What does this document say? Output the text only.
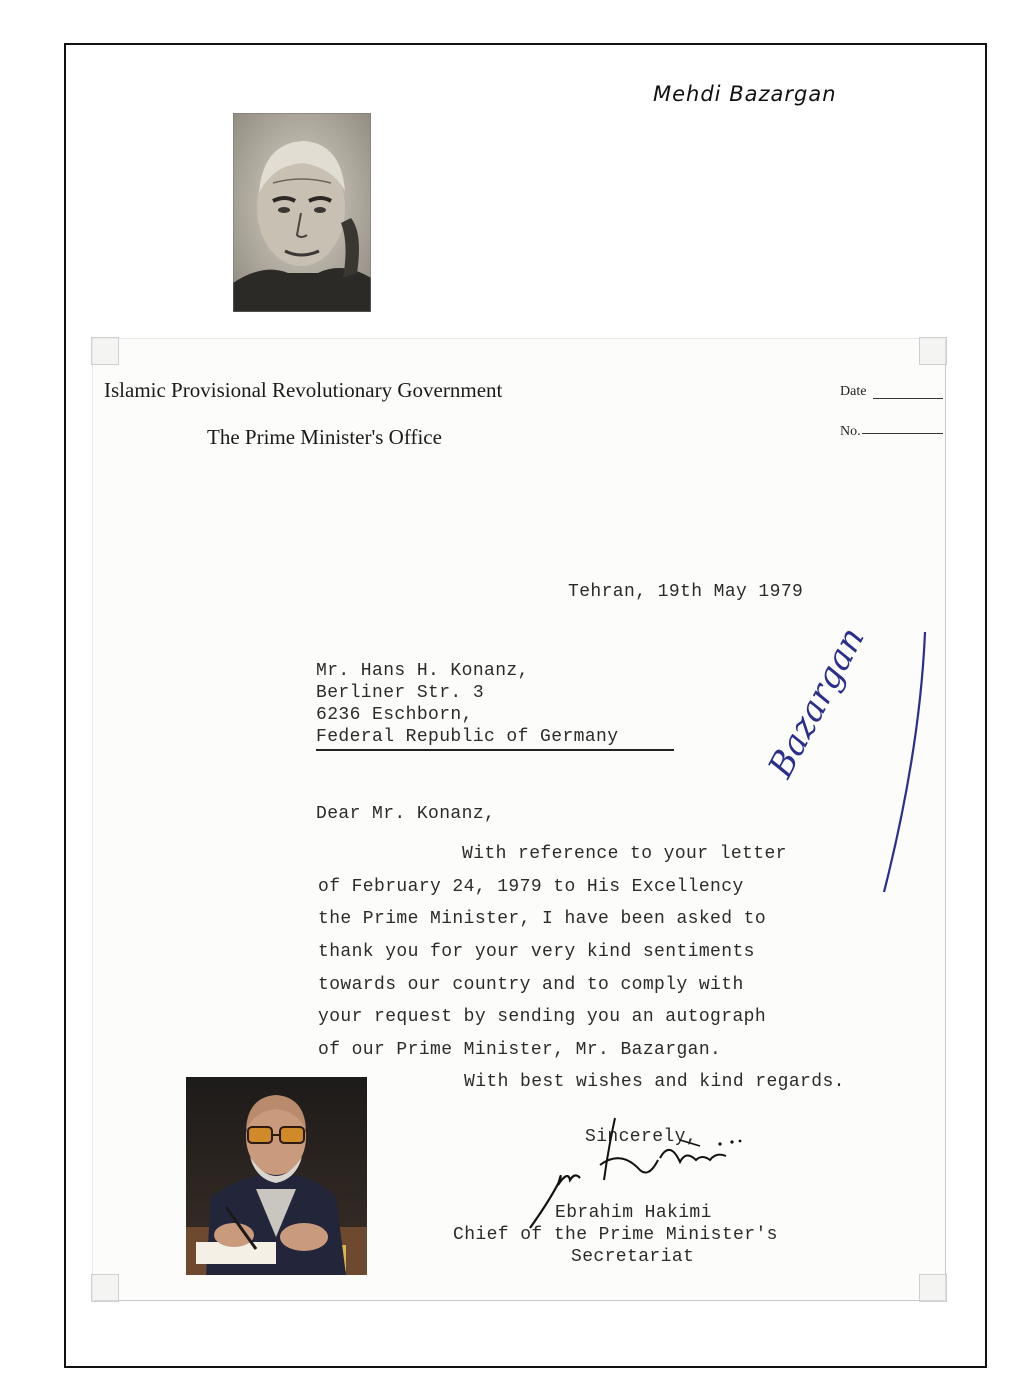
Mehdi Bazargan
Islamic Provisional Revolutionary Government
The Prime Minister's Office
Date
No.
Tehran, 19th May 1979
Mr. Hans H. Konanz,
Berliner Str. 3
6236 Eschborn,
Federal Republic of Germany
Dear Mr. Konanz,
With reference to your letter
of February 24, 1979 to His Excellency
the Prime Minister, I have been asked to
thank you for your very kind sentiments
towards our country and to comply with
your request by sending you an autograph
of our Prime Minister, Mr. Bazargan.
With best wishes and kind regards.
Sincerely,
Ebrahim Hakimi
Chief of the Prime Minister's
Secretariat
Bazargan
